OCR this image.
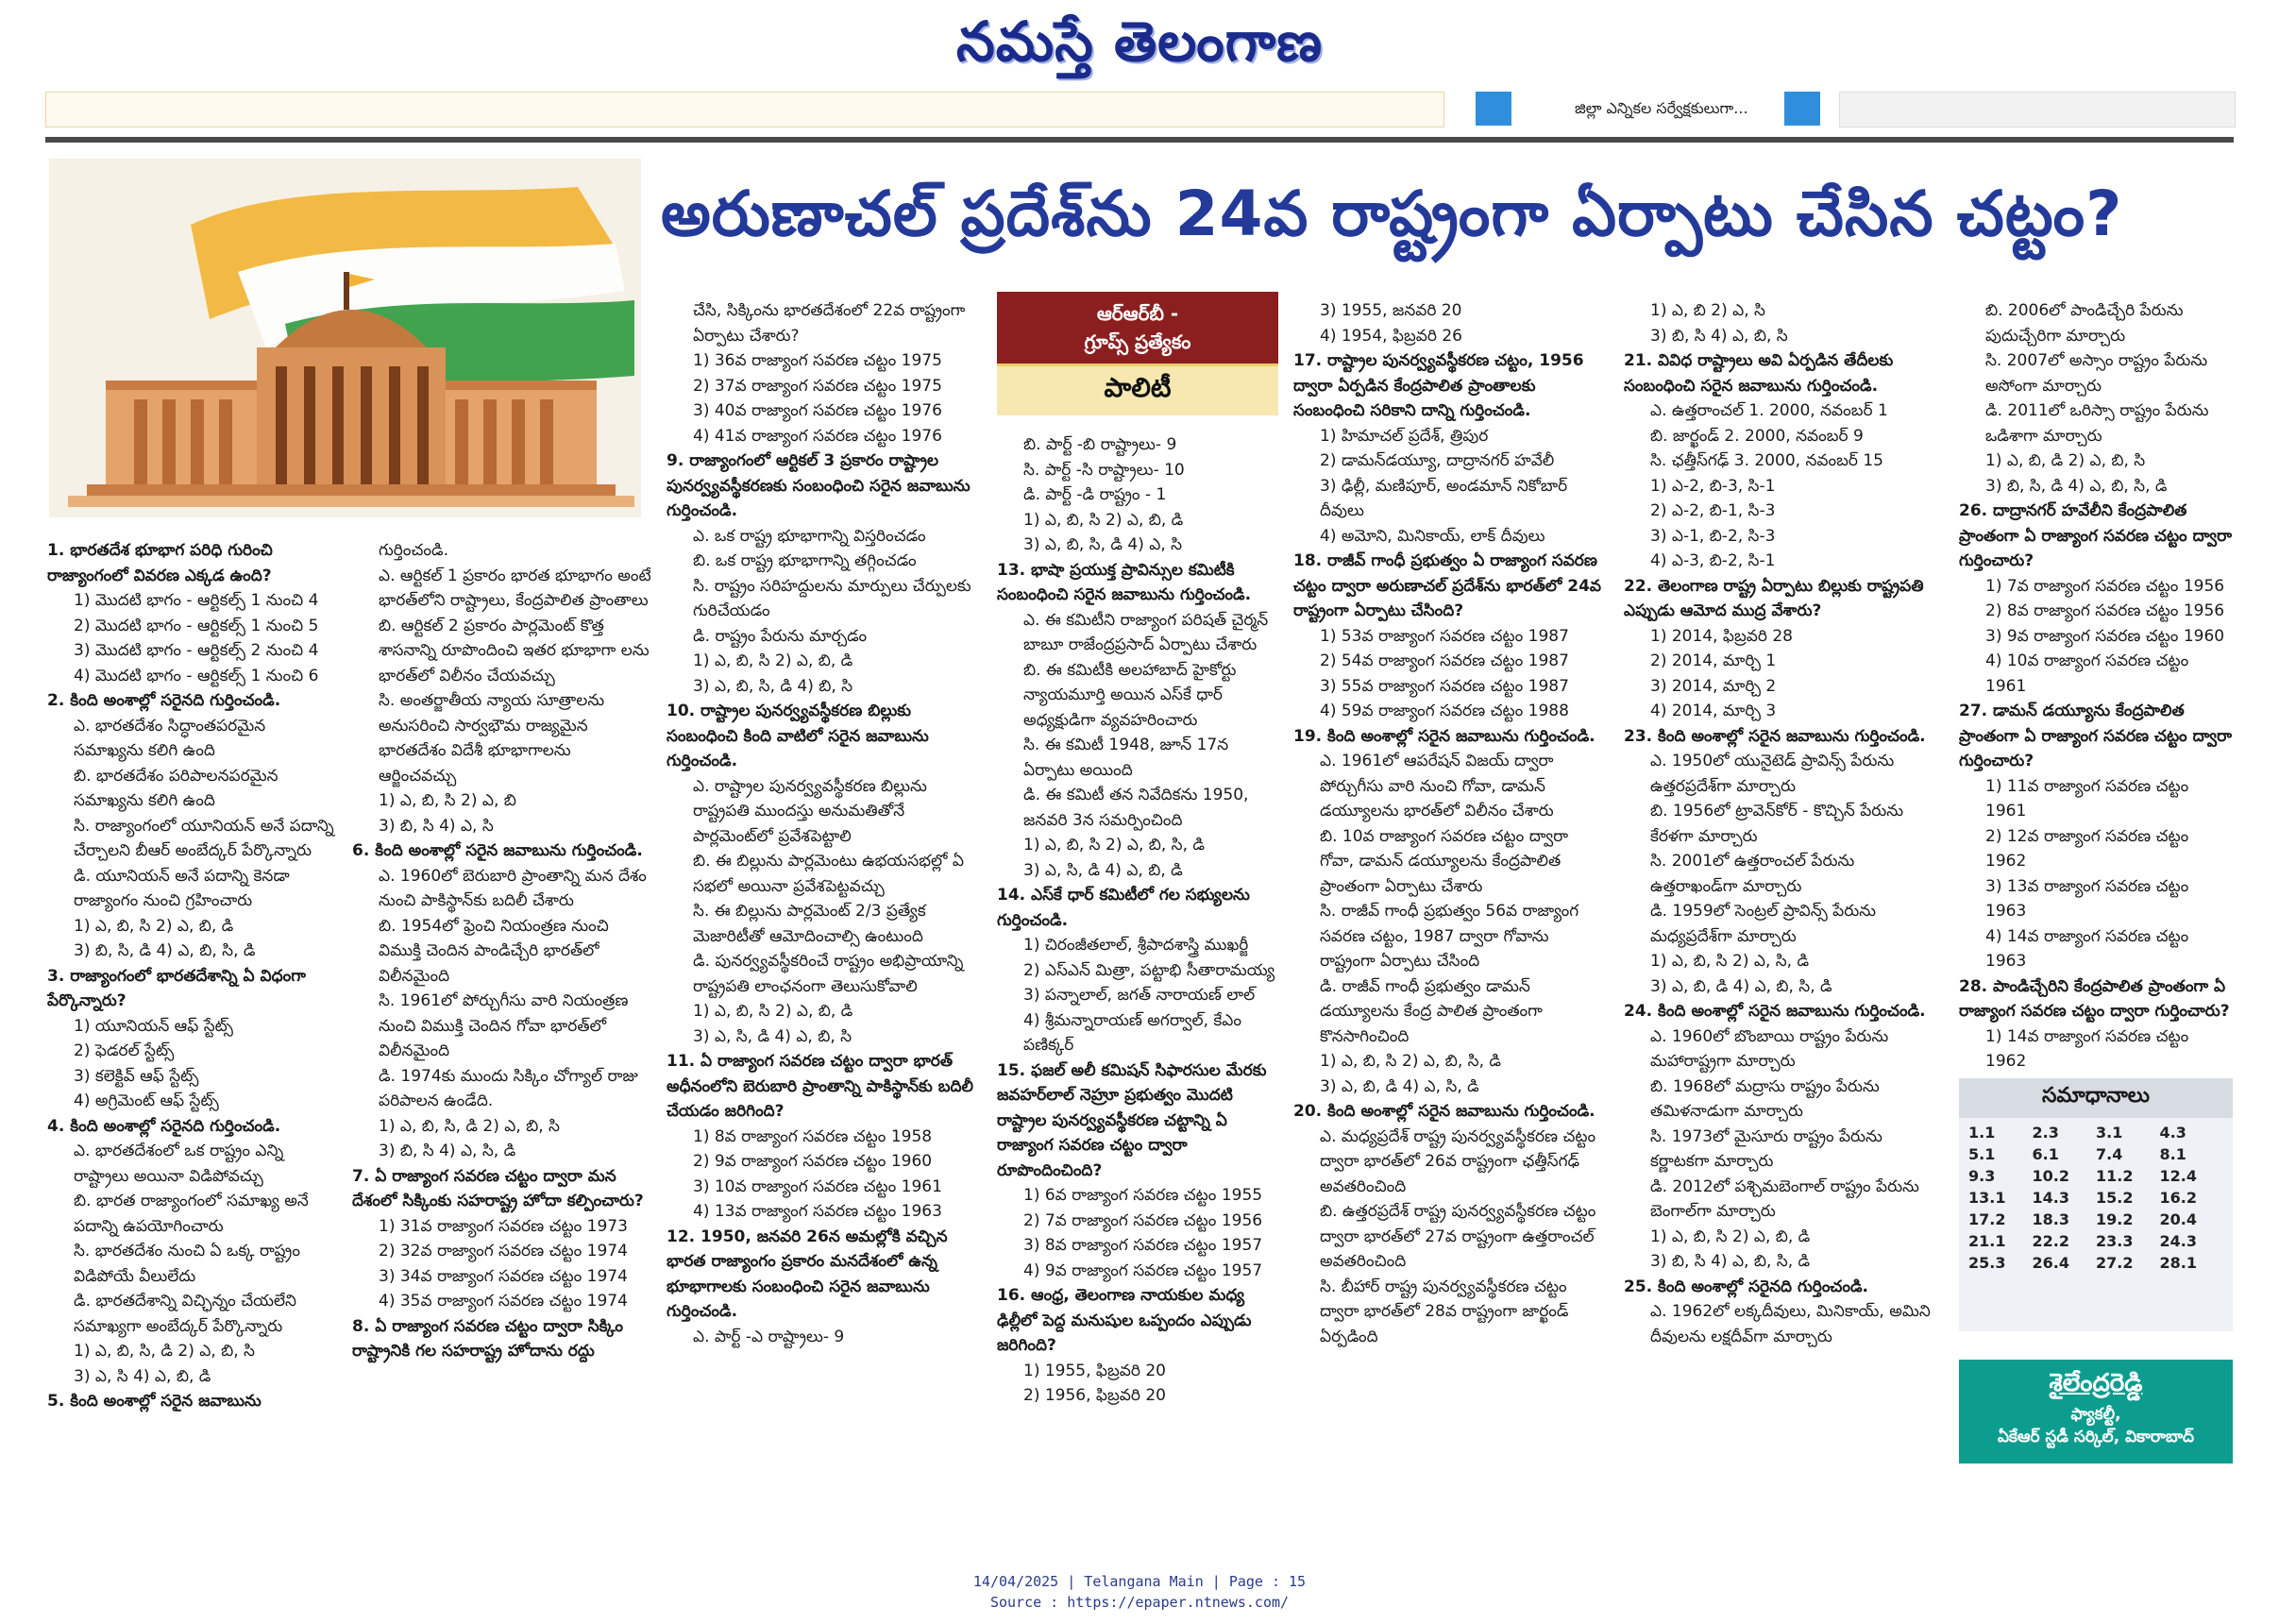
నమస్తే తెలంగాణ
జిల్లా ఎన్నికల సర్వేక్షకులుగా...
అరుణాచల్ ప్రదేశ్‌ను 24వ రాష్ట్రంగా ఏర్పాటు చేసిన చట్టం?
ఆర్ఆర్‌బీ -
గ్రూప్స్ ప్రత్యేకం
పాలిటీ

1. భారతదేశ భూభాగ పరిధి గురించి రాజ్యాంగంలో వివరణ ఎక్కడ ఉంది?

1) మొదటి భాగం - ఆర్టికల్స్ 1 నుంచి 4

2) మొదటి భాగం - ఆర్టికల్స్ 1 నుంచి 5

3) మొదటి భాగం - ఆర్టికల్స్ 2 నుంచి 4

4) మొదటి భాగం - ఆర్టికల్స్ 1 నుంచి 6

2. కింది అంశాల్లో సరైనది గుర్తించండి.

ఎ. భారతదేశం సిద్ధాంతపరమైన సమాఖ్యను కలిగి ఉంది

బి. భారతదేశం పరిపాలనపరమైన సమాఖ్యను కలిగి ఉంది

సి. రాజ్యాంగంలో యూనియన్ అనే పదాన్ని చేర్చాలని బీఆర్ అంబేద్కర్ పేర్కొన్నారు

డి. యూనియన్ అనే పదాన్ని కెనడా రాజ్యాంగం నుంచి గ్రహించారు

1) ఎ, బి, సి 2) ఎ, బి, డి

3) బి, సి, డి 4) ఎ, బి, సి, డి

3. రాజ్యాంగంలో భారతదేశాన్ని ఏ విధంగా పేర్కొన్నారు?

1) యూనియన్ ఆఫ్ స్టేట్స్

2) ఫెడరల్ స్టేట్స్

3) కలెక్టివ్ ఆఫ్ స్టేట్స్

4) అగ్రిమెంట్ ఆఫ్ స్టేట్స్

4. కింది అంశాల్లో సరైనది గుర్తించండి.

ఎ. భారతదేశంలో ఒక రాష్ట్రం ఎన్ని రాష్ట్రాలు అయినా విడిపోవచ్చు

బి. భారత రాజ్యాంగంలో సమాఖ్య అనే పదాన్ని ఉపయోగించారు

సి. భారతదేశం నుంచి ఏ ఒక్క రాష్ట్రం విడిపోయే వీలులేదు

డి. భారతదేశాన్ని విచ్ఛిన్నం చేయలేని సమాఖ్యగా అంబేద్కర్ పేర్కొన్నారు

1) ఎ, బి, సి, డి 2) ఎ, బి, సి

3) ఎ, సి 4) ఎ, బి, డి

5. కింది అంశాల్లో సరైన జవాబును

గుర్తించండి.

ఎ. ఆర్టికల్ 1 ప్రకారం భారత భూభాగం అంటే భారత్‌లోని రాష్ట్రాలు, కేంద్రపాలిత ప్రాంతాలు

బి. ఆర్టికల్ 2 ప్రకారం పార్లమెంట్ కొత్త శాసనాన్ని రూపొందించి ఇతర భూభాగా లను భారత్‌లో విలీనం చేయవచ్చు

సి. అంతర్జాతీయ న్యాయ సూత్రాలను అనుసరించి సార్వభౌమ రాజ్యమైన భారతదేశం విదేశీ భూభాగాలను ఆర్జించవచ్చు

1) ఎ, బి, సి 2) ఎ, బి

3) బి, సి 4) ఎ, సి

6. కింది అంశాల్లో సరైన జవాబును గుర్తించండి.

ఎ. 1960లో బెరుబారి ప్రాంతాన్ని మన దేశం నుంచి పాకిస్థాన్‌కు బదిలీ చేశారు

బి. 1954లో ఫ్రెంచి నియంత్రణ నుంచి విముక్తి చెందిన పాండిచ్చేరి భారత్‌లో విలీనమైంది

సి. 1961లో పోర్చుగీసు వారి నియంత్రణ నుంచి విముక్తి చెందిన గోవా భారత్‌లో విలీనమైంది

డి. 1974కు ముందు సిక్కిం చోగ్యాల్ రాజు పరిపాలన ఉండేది.

1) ఎ, బి, సి, డి 2) ఎ, బి, సి

3) బి, సి 4) ఎ, సి, డి

7. ఏ రాజ్యాంగ సవరణ చట్టం ద్వారా మన దేశంలో సిక్కింకు సహరాష్ట్ర హోదా కల్పించారు?

1) 31వ రాజ్యాంగ సవరణ చట్టం 1973

2) 32వ రాజ్యాంగ సవరణ చట్టం 1974

3) 34వ రాజ్యాంగ సవరణ చట్టం 1974

4) 35వ రాజ్యాంగ సవరణ చట్టం 1974

8. ఏ రాజ్యాంగ సవరణ చట్టం ద్వారా సిక్కిం రాష్ట్రానికి గల సహరాష్ట్ర హోదాను రద్దు

చేసి, సిక్కింను భారతదేశంలో 22వ రాష్ట్రంగా ఏర్పాటు చేశారు?

1) 36వ రాజ్యాంగ సవరణ చట్టం 1975

2) 37వ రాజ్యాంగ సవరణ చట్టం 1975

3) 40వ రాజ్యాంగ సవరణ చట్టం 1976

4) 41వ రాజ్యాంగ సవరణ చట్టం 1976

9. రాజ్యాంగంలో ఆర్టికల్ 3 ప్రకారం రాష్ట్రాల పునర్వ్యవస్థీకరణకు సంబంధించి సరైన జవాబును గుర్తించండి.

ఎ. ఒక రాష్ట్ర భూభాగాన్ని విస్తరించడం

బి. ఒక రాష్ట్ర భూభాగాన్ని తగ్గించడం

సి. రాష్ట్రం సరిహద్దులను మార్పులు చేర్పులకు గురిచేయడం

డి. రాష్ట్రం పేరును మార్చడం

1) ఎ, బి, సి 2) ఎ, బి, డి

3) ఎ, బి, సి, డి 4) బి, సి

10. రాష్ట్రాల పునర్వ్యవస్థీకరణ బిల్లుకు సంబంధించి కింది వాటిలో సరైన జవాబును గుర్తించండి.

ఎ. రాష్ట్రాల పునర్వ్యవస్థీకరణ బిల్లును రాష్ట్రపతి ముందస్తు అనుమతితోనే పార్లమెంట్‌లో ప్రవేశపెట్టాలి

బి. ఈ బిల్లును పార్లమెంటు ఉభయసభల్లో ఏ సభలో అయినా ప్రవేశపెట్టవచ్చు

సి. ఈ బిల్లును పార్లమెంట్ 2/3 ప్రత్యేక మెజారిటీతో ఆమోదించాల్సి ఉంటుంది

డి. పునర్వ్యవస్థీకరించే రాష్ట్రం అభిప్రాయాన్ని రాష్ట్రపతి లాంఛనంగా తెలుసుకోవాలి

1) ఎ, బి, సి 2) ఎ, బి, డి

3) ఎ, సి, డి 4) ఎ, బి, సి

11. ఏ రాజ్యాంగ సవరణ చట్టం ద్వారా భారత్ అధీనంలోని బెరుబారి ప్రాంతాన్ని పాకిస్థాన్‌కు బదిలీ చేయడం జరిగింది?

1) 8వ రాజ్యాంగ సవరణ చట్టం 1958

2) 9వ రాజ్యాంగ సవరణ చట్టం 1960

3) 10వ రాజ్యాంగ సవరణ చట్టం 1961

4) 13వ రాజ్యాంగ సవరణ చట్టం 1963

12. 1950, జనవరి 26న అమల్లోకి వచ్చిన భారత రాజ్యాంగం ప్రకారం మనదేశంలో ఉన్న భూభాగాలకు సంబంధించి సరైన జవాబును గుర్తించండి.

ఎ. పార్ట్ -ఎ రాష్ట్రాలు- 9

బి. పార్ట్ -బి రాష్ట్రాలు- 9

సి. పార్ట్ -సి రాష్ట్రాలు- 10

డి. పార్ట్ -డి రాష్ట్రం - 1

1) ఎ, బి, సి 2) ఎ, బి, డి

3) ఎ, బి, సి, డి 4) ఎ, సి

13. భాషా ప్రయుక్త ప్రావిన్సుల కమిటీకి సంబంధించి సరైన జవాబును గుర్తించండి.

ఎ. ఈ కమిటీని రాజ్యాంగ పరిషత్ చైర్మన్ బాబూ రాజేంద్రప్రసాద్ ఏర్పాటు చేశారు

బి. ఈ కమిటీకి అలహాబాద్ హైకోర్టు న్యాయమూర్తి అయిన ఎస్‌కే ధార్ అధ్యక్షుడిగా వ్యవహరించారు

సి. ఈ కమిటీ 1948, జూన్ 17న ఏర్పాటు అయింది

డి. ఈ కమిటీ తన నివేదికను 1950, జనవరి 3న సమర్పించింది

1) ఎ, బి, సి 2) ఎ, బి, సి, డి

3) ఎ, సి, డి 4) ఎ, బి, డి

14. ఎస్‌కే ధార్ కమిటీలో గల సభ్యులను గుర్తించండి.

1) చిరంజీతలాల్, శ్రీపాదశాస్త్రి ముఖర్జీ

2) ఎస్ఎన్ మిత్రా, పట్టాభి సీతారామయ్య

3) పన్నాలాల్, జగత్ నారాయణ్ లాల్

4) శ్రీమన్నారాయణ్ అగర్వాల్, కేఎం పణిక్కర్

15. ఫజల్ అలీ కమిషన్ సిఫారసుల మేరకు జవహర్‌లాల్ నెహ్రూ ప్రభుత్వం మొదటి రాష్ట్రాల పునర్వ్యవస్థీకరణ చట్టాన్ని ఏ రాజ్యాంగ సవరణ చట్టం ద్వారా రూపొందించింది?

1) 6వ రాజ్యాంగ సవరణ చట్టం 1955

2) 7వ రాజ్యాంగ సవరణ చట్టం 1956

3) 8వ రాజ్యాంగ సవరణ చట్టం 1957

4) 9వ రాజ్యాంగ సవరణ చట్టం 1957

16. ఆంధ్ర, తెలంగాణ నాయకుల మధ్య ఢిల్లీలో పెద్ద మనుషుల ఒప్పందం ఎప్పుడు జరిగింది?

1) 1955, ఫిబ్రవరి 20

2) 1956, ఫిబ్రవరి 20

3) 1955, జనవరి 20

4) 1954, ఫిబ్రవరి 26

17. రాష్ట్రాల పునర్వ్యవస్థీకరణ చట్టం, 1956 ద్వారా ఏర్పడిన కేంద్రపాలిత ప్రాంతాలకు సంబంధించి సరికాని దాన్ని గుర్తించండి.

1) హిమాచల్ ప్రదేశ్, త్రిపుర

2) డామన్‌డయ్యూ, దాద్రానగర్ హవేలీ

3) ఢిల్లీ, మణిపూర్, అండమాన్ నికోబార్ దీవులు

4) అమోని, మినికాయ్, లాక్ దీవులు

18. రాజీవ్ గాంధీ ప్రభుత్వం ఏ రాజ్యాంగ సవరణ చట్టం ద్వారా అరుణాచల్ ప్రదేశ్‌ను భారత్‌లో 24వ రాష్ట్రంగా ఏర్పాటు చేసింది?

1) 53వ రాజ్యాంగ సవరణ చట్టం 1987

2) 54వ రాజ్యాంగ సవరణ చట్టం 1987

3) 55వ రాజ్యాంగ సవరణ చట్టం 1987

4) 59వ రాజ్యాంగ సవరణ చట్టం 1988

19. కింది అంశాల్లో సరైన జవాబును గుర్తించండి.

ఎ. 1961లో ఆపరేషన్ విజయ్ ద్వారా పోర్చుగీసు వారి నుంచి గోవా, డామన్ డయ్యూలను భారత్‌లో విలీనం చేశారు

బి. 10వ రాజ్యాంగ సవరణ చట్టం ద్వారా గోవా, డామన్ డయ్యూలను కేంద్రపాలిత ప్రాంతంగా ఏర్పాటు చేశారు

సి. రాజీవ్ గాంధీ ప్రభుత్వం 56వ రాజ్యాంగ సవరణ చట్టం, 1987 ద్వారా గోవాను రాష్ట్రంగా ఏర్పాటు చేసింది

డి. రాజీవ్ గాంధీ ప్రభుత్వం డామన్ డయ్యూలను కేంద్ర పాలిత ప్రాంతంగా కొనసాగించింది

1) ఎ, బి, సి 2) ఎ, బి, సి, డి

3) ఎ, బి, డి 4) ఎ, సి, డి

20. కింది అంశాల్లో సరైన జవాబును గుర్తించండి.

ఎ. మధ్యప్రదేశ్ రాష్ట్ర పునర్వ్యవస్థీకరణ చట్టం ద్వారా భారత్‌లో 26వ రాష్ట్రంగా ఛత్తీస్‌గఢ్ అవతరించింది

బి. ఉత్తరప్రదేశ్ రాష్ట్ర పునర్వ్యవస్థీకరణ చట్టం ద్వారా భారత్‌లో 27వ రాష్ట్రంగా ఉత్తరాంచల్ అవతరించింది

సి. బీహార్ రాష్ట్ర పునర్వ్యవస్థీకరణ చట్టం ద్వారా భారత్‌లో 28వ రాష్ట్రంగా జార్ఖండ్ ఏర్పడింది

1) ఎ, బి 2) ఎ, సి

3) బి, సి 4) ఎ, బి, సి

21. వివిధ రాష్ట్రాలు అవి ఏర్పడిన తేదీలకు సంబంధించి సరైన జవాబును గుర్తించండి.

ఎ. ఉత్తరాంచల్ 1. 2000, నవంబర్ 1

బి. జార్ఖండ్ 2. 2000, నవంబర్ 9

సి. ఛత్తీస్‌గఢ్ 3. 2000, నవంబర్ 15

1) ఎ-2, బి-3, సి-1

2) ఎ-2, బి-1, సి-3

3) ఎ-1, బి-2, సి-3

4) ఎ-3, బి-2, సి-1

22. తెలంగాణ రాష్ట్ర ఏర్పాటు బిల్లుకు రాష్ట్రపతి ఎప్పుడు ఆమోద ముద్ర వేశారు?

1) 2014, ఫిబ్రవరి 28

2) 2014, మార్చి 1

3) 2014, మార్చి 2

4) 2014, మార్చి 3

23. కింది అంశాల్లో సరైన జవాబును గుర్తించండి.

ఎ. 1950లో యునైటెడ్ ప్రావిన్స్ పేరును ఉత్తరప్రదేశ్‌గా మార్చారు

బి. 1956లో ట్రావెన్‌కోర్ - కొచ్చిన్ పేరును కేరళగా మార్చారు

సి. 2001లో ఉత్తరాంచల్ పేరును ఉత్తరాఖండ్‌గా మార్చారు

డి. 1959లో సెంట్రల్ ప్రావిన్స్ పేరును మధ్యప్రదేశ్‌గా మార్చారు

1) ఎ, బి, సి 2) ఎ, సి, డి

3) ఎ, బి, డి 4) ఎ, బి, సి, డి

24. కింది అంశాల్లో సరైన జవాబును గుర్తించండి.

ఎ. 1960లో బొంబాయి రాష్ట్రం పేరును మహారాష్ట్రగా మార్చారు

బి. 1968లో మద్రాసు రాష్ట్రం పేరును తమిళనాడుగా మార్చారు

సి. 1973లో మైసూరు రాష్ట్రం పేరును కర్ణాటకగా మార్చారు

డి. 2012లో పశ్చిమబెంగాల్ రాష్ట్రం పేరును బెంగాల్‌గా మార్చారు

1) ఎ, బి, సి 2) ఎ, బి, డి

3) బి, సి 4) ఎ, బి, సి, డి

25. కింది అంశాల్లో సరైనది గుర్తించండి.

ఎ. 1962లో లక్కదీవులు, మినికాయ్, అమిని దీవులను లక్షదీవ్‌గా మార్చారు

బి. 2006లో పాండిచ్చేరి పేరును పుదుచ్చేరిగా మార్చారు

సి. 2007లో అస్సాం రాష్ట్రం పేరును అసోంగా మార్చారు

డి. 2011లో ఒరిస్సా రాష్ట్రం పేరును ఒడిశాగా మార్చారు

1) ఎ, బి, డి 2) ఎ, బి, సి

3) బి, సి, డి 4) ఎ, బి, సి, డి

26. దాద్రానగర్ హవేలీని కేంద్రపాలిత ప్రాంతంగా ఏ రాజ్యాంగ సవరణ చట్టం ద్వారా గుర్తించారు?

1) 7వ రాజ్యాంగ సవరణ చట్టం 1956

2) 8వ రాజ్యాంగ సవరణ చట్టం 1956

3) 9వ రాజ్యాంగ సవరణ చట్టం 1960

4) 10వ రాజ్యాంగ సవరణ చట్టం 1961

27. డామన్ డయ్యూను కేంద్రపాలిత ప్రాంతంగా ఏ రాజ్యాంగ సవరణ చట్టం ద్వారా గుర్తించారు?

1) 11వ రాజ్యాంగ సవరణ చట్టం 1961

2) 12వ రాజ్యాంగ సవరణ చట్టం 1962

3) 13వ రాజ్యాంగ సవరణ చట్టం 1963

4) 14వ రాజ్యాంగ సవరణ చట్టం 1963

28. పాండిచ్చేరిని కేంద్రపాలిత ప్రాంతంగా ఏ రాజ్యాంగ సవరణ చట్టం ద్వారా గుర్తించారు?

1) 14వ రాజ్యాంగ సవరణ చట్టం 1962

సమాధానాలు
1.1	2.3	3.1	4.3
5.1	6.1	7.4	8.1
9.3	10.2	11.2	12.4
13.1	14.3	15.2	16.2
17.2	18.3	19.2	20.4
21.1	22.2	23.3	24.3
25.3	26.4	27.2	28.1
శైలేంద్రరెడ్డి
ఫ్యాకల్టీ,
ఏకేఆర్ స్టడీ సర్కిల్, వికారాబాద్
14/04/2025 | Telangana Main | Page : 15
Source : https://epaper.ntnews.com/
